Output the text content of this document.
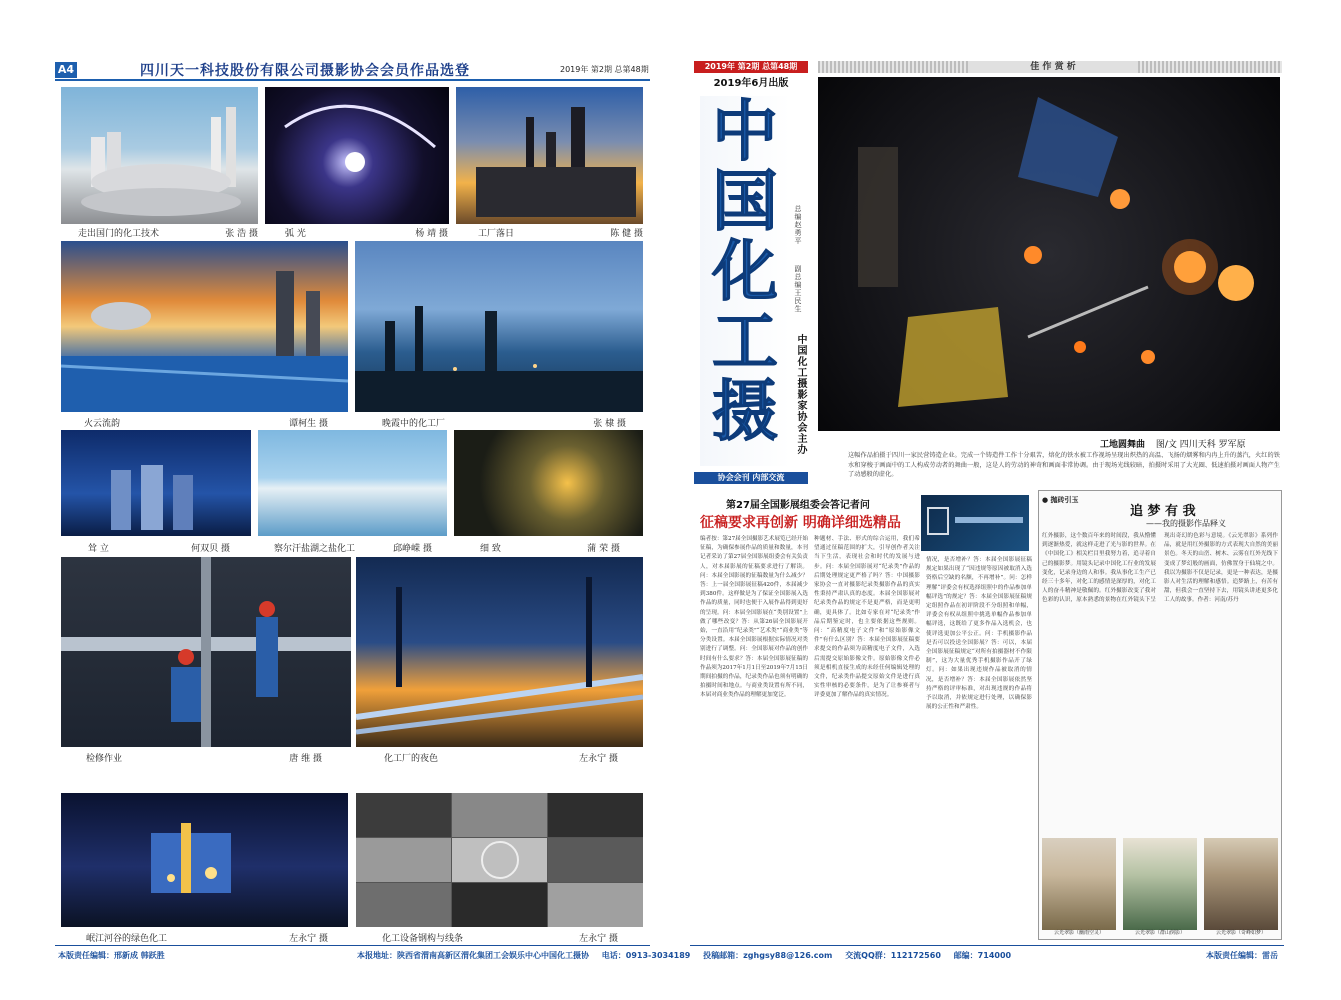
A4	四川天一科技股份有限公司摄影协会会员作品选登	2019年 第2期 总第48期
走出国门的化工技术	张 浩 摄	弧 光	杨 靖 摄	工厂落日	陈 健 摄
火云流韵	谭柯生 摄	晚霞中的化工厂	张 棣 摄
耸 立	何双贝 摄	察尔汗盐湖之盐化工	邱峥嵘 摄	细 致	蒲 荣 摄
检修作业	唐 维 摄	化工厂的夜色	左永宁 摄
岷江河谷的绿色化工	左永宁 摄	化工设备钢构与线条	左永宁 摄
本版责任编辑：邢新成 韩跃胜
2019年 第2期 总第48期
2019年6月出版
中
国
化
工
摄
总编赵勇平
副总编王民生
中国化工摄影家协会主办
协会会刊 内部交流
佳 作 赏 析
工地圆舞曲 图/文 四川天科 罗军原
这幅作品拍摄于四川一家民营铸造企业。完成一个铸造件工作十分艰苦，熔化的铁水被工作视场呈现出炽热的高温、飞扬的烟雾和内冉上升的蒸汽，火红的铁水和穿梭于画面中的工人构成劳动者的舞曲一般，这是人的劳动的神奇和画面非常协调。由于现场光线较暗，拍摄时采用了大光圈、低速拍摄对画面人物产生了动感般的虚化。
第27届全国影展组委会答记者问
征稿要求再创新 明确详细选精品
编者按：第27届全国摄影艺术展览已经开始征稿，为确保参展作品的质量和数量，本刊记者采访了第27届全国影展组委会有关负责人，对本届影展的征稿要求进行了解读。问：本届全国影展的征稿数量为什么减少？答：上一届全国影展征稿420件，本届减少到380件。这样做是为了保证全国影展入选作品的质量，同时也便于入展作品得到更好的呈现。问：本届全国影展在“类别设置”上做了哪些改变？答：从第26届全国影展开始，一直沿用“纪录类”“艺术类”“商业类”等分类设置。本届全国影展根据实际情况对类别进行了调整。问：全国影展对作品的创作时间有什么要求？答：本届全国影展征稿的作品须为2017年1月1日至2019年7月15日期间拍摄的作品，纪录类作品也须有明确的拍摄时间和地点。与商业类设置有所不同，本届对商业类作品的理解更加宽泛。
种题材、手法、形式的综合运用，我们希望通过征稿范围的扩大，引导创作者关注当下生活，表现社会和时代的发展与进步。问：本届全国影展对“纪录类”作品的后期处理规定更严格了吗？答：中国摄影家协会一直对摄影纪录类摄影作品的真实性秉持严肃认真的态度。本届全国影展对纪录类作品的规定不是更严格，而是更明确，更具体了。比如专家在对“纪录类”作品后期鉴定时，也主要依据这些规则。问：“高精度电子文件”和“原始影像文件”有什么区别？答：本届全国影展征稿要求提交的作品须为高精度电子文件，入选后需提交原始影像文件。原始影像文件必须是相机直接生成的未经任何编辑处理的文件，纪录类作品提交原始文件是进行真实性审核的必要条件，是为了让参赛者与评委更加了解作品的真实情况。
情况，是否增补？答：本届全国影展征稿规定如果出现了“因违规等原因被取消入选资格后空缺的名额，不再增补”。问：怎样理解“评委会有权选择组照中的作品参加单幅评选”的规定？答：本届全国影展征稿规定组照作品在初评阶段不分组照和单幅，评委会有权从组照中挑选单幅作品参加单幅评选，这既给了更多作品入选机会，也使评选更加公平公正。问：手机摄影作品是否可以投送全国影展？答：可以，本届全国影展征稿规定“对所有拍摄器材不作限制”，这为大量优秀手机摄影作品开了绿灯。问：如果出现违规作品被取消的情况，是否增补？答：本届全国影展依然坚持严格的评审标准，对出现违规的作品将予以取消，并依规定进行处理，以确保影展的公正性和严肃性。
● 抛砖引玉
追 梦 有 我
——我的摄影作品释义
红外摄影，这个数百年来的时间段，我从懵懂到逐渐热爱，就这样走进了光与影的世界。在《中国化工》相关栏目里我努力着，追寻着自己的摄影梦。用镜头记录中国化工行业的发展变化，记录身边的人和事。我从事化工生产已经三十多年，对化工的感情是深厚的，对化工人的奋斗精神是敬佩的。红外摄影改变了我对色彩的认识，原本熟悉的景物在红外镜头下呈现出奇幻的色彩与意境。《云光翠影》系列作品，就是用红外摄影的方式表现大自然的美丽景色。冬天的山峦、树木、云雾在红外光线下变成了梦幻般的画面，仿佛置身于仙境之中。我以为摄影不仅是记录，更是一种表达，是摄影人对生活的理解和感悟。追梦路上，有苦有甜，但我会一直坚持下去，用镜头讲述更多化工人的故事。作者：河南/苏丹
云光翠影（幽雨空灵）	云光翠影（群山倒影）	云光翠影（奇峰如梦）
本报地址：陕西省渭南高新区渭化集团工会娱乐中心中国化工摄协 电话：0913-3034189 投稿邮箱：zghgsy88@126.com 交流QQ群：112172560 邮编：714000	本版责任编辑：雷岳
